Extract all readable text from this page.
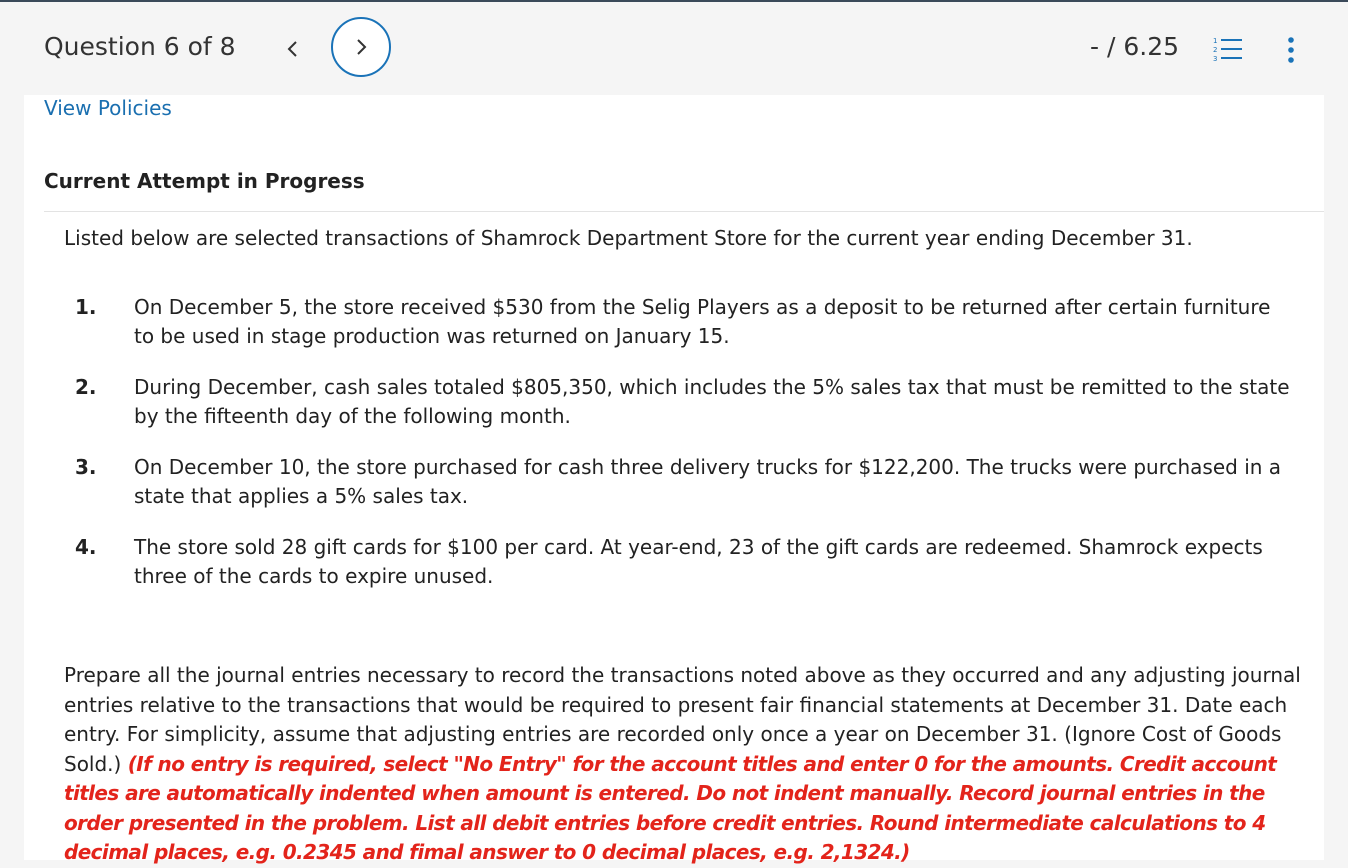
Question 6 of 8	- / 6.25	1
2
3
View Policies
Current Attempt in Progress
Listed below are selected transactions of Shamrock Department Store for the current year ending December 31.
1.	On December 5, the store received $530 from the Selig Players as a deposit to be returned after certain furniture to be used in stage production was returned on January 15.
2.	During December, cash sales totaled $805,350, which includes the 5% sales tax that must be remitted to the state by the fifteenth day of the following month.
3.	On December 10, the store purchased for cash three delivery trucks for $122,200. The trucks were purchased in a state that applies a 5% sales tax.
4.	The store sold 28 gift cards for $100 per card. At year-end, 23 of the gift cards are redeemed. Shamrock expects three of the cards to expire unused.
Prepare all the journal entries necessary to record the transactions noted above as they occurred and any adjusting journal entries relative to the transactions that would be required to present fair financial statements at December 31. Date each entry. For simplicity, assume that adjusting entries are recorded only once a year on December 31. (Ignore Cost of Goods Sold.) (If no entry is required, select "No Entry" for the account titles and enter 0 for the amounts. Credit account titles are automatically indented when amount is entered. Do not indent manually. Record journal entries in the order presented in the problem. List all debit entries before credit entries. Round intermediate calculations to 4 decimal places, e.g. 0.2345 and fimal answer to 0 decimal places, e.g. 2,1324.)
